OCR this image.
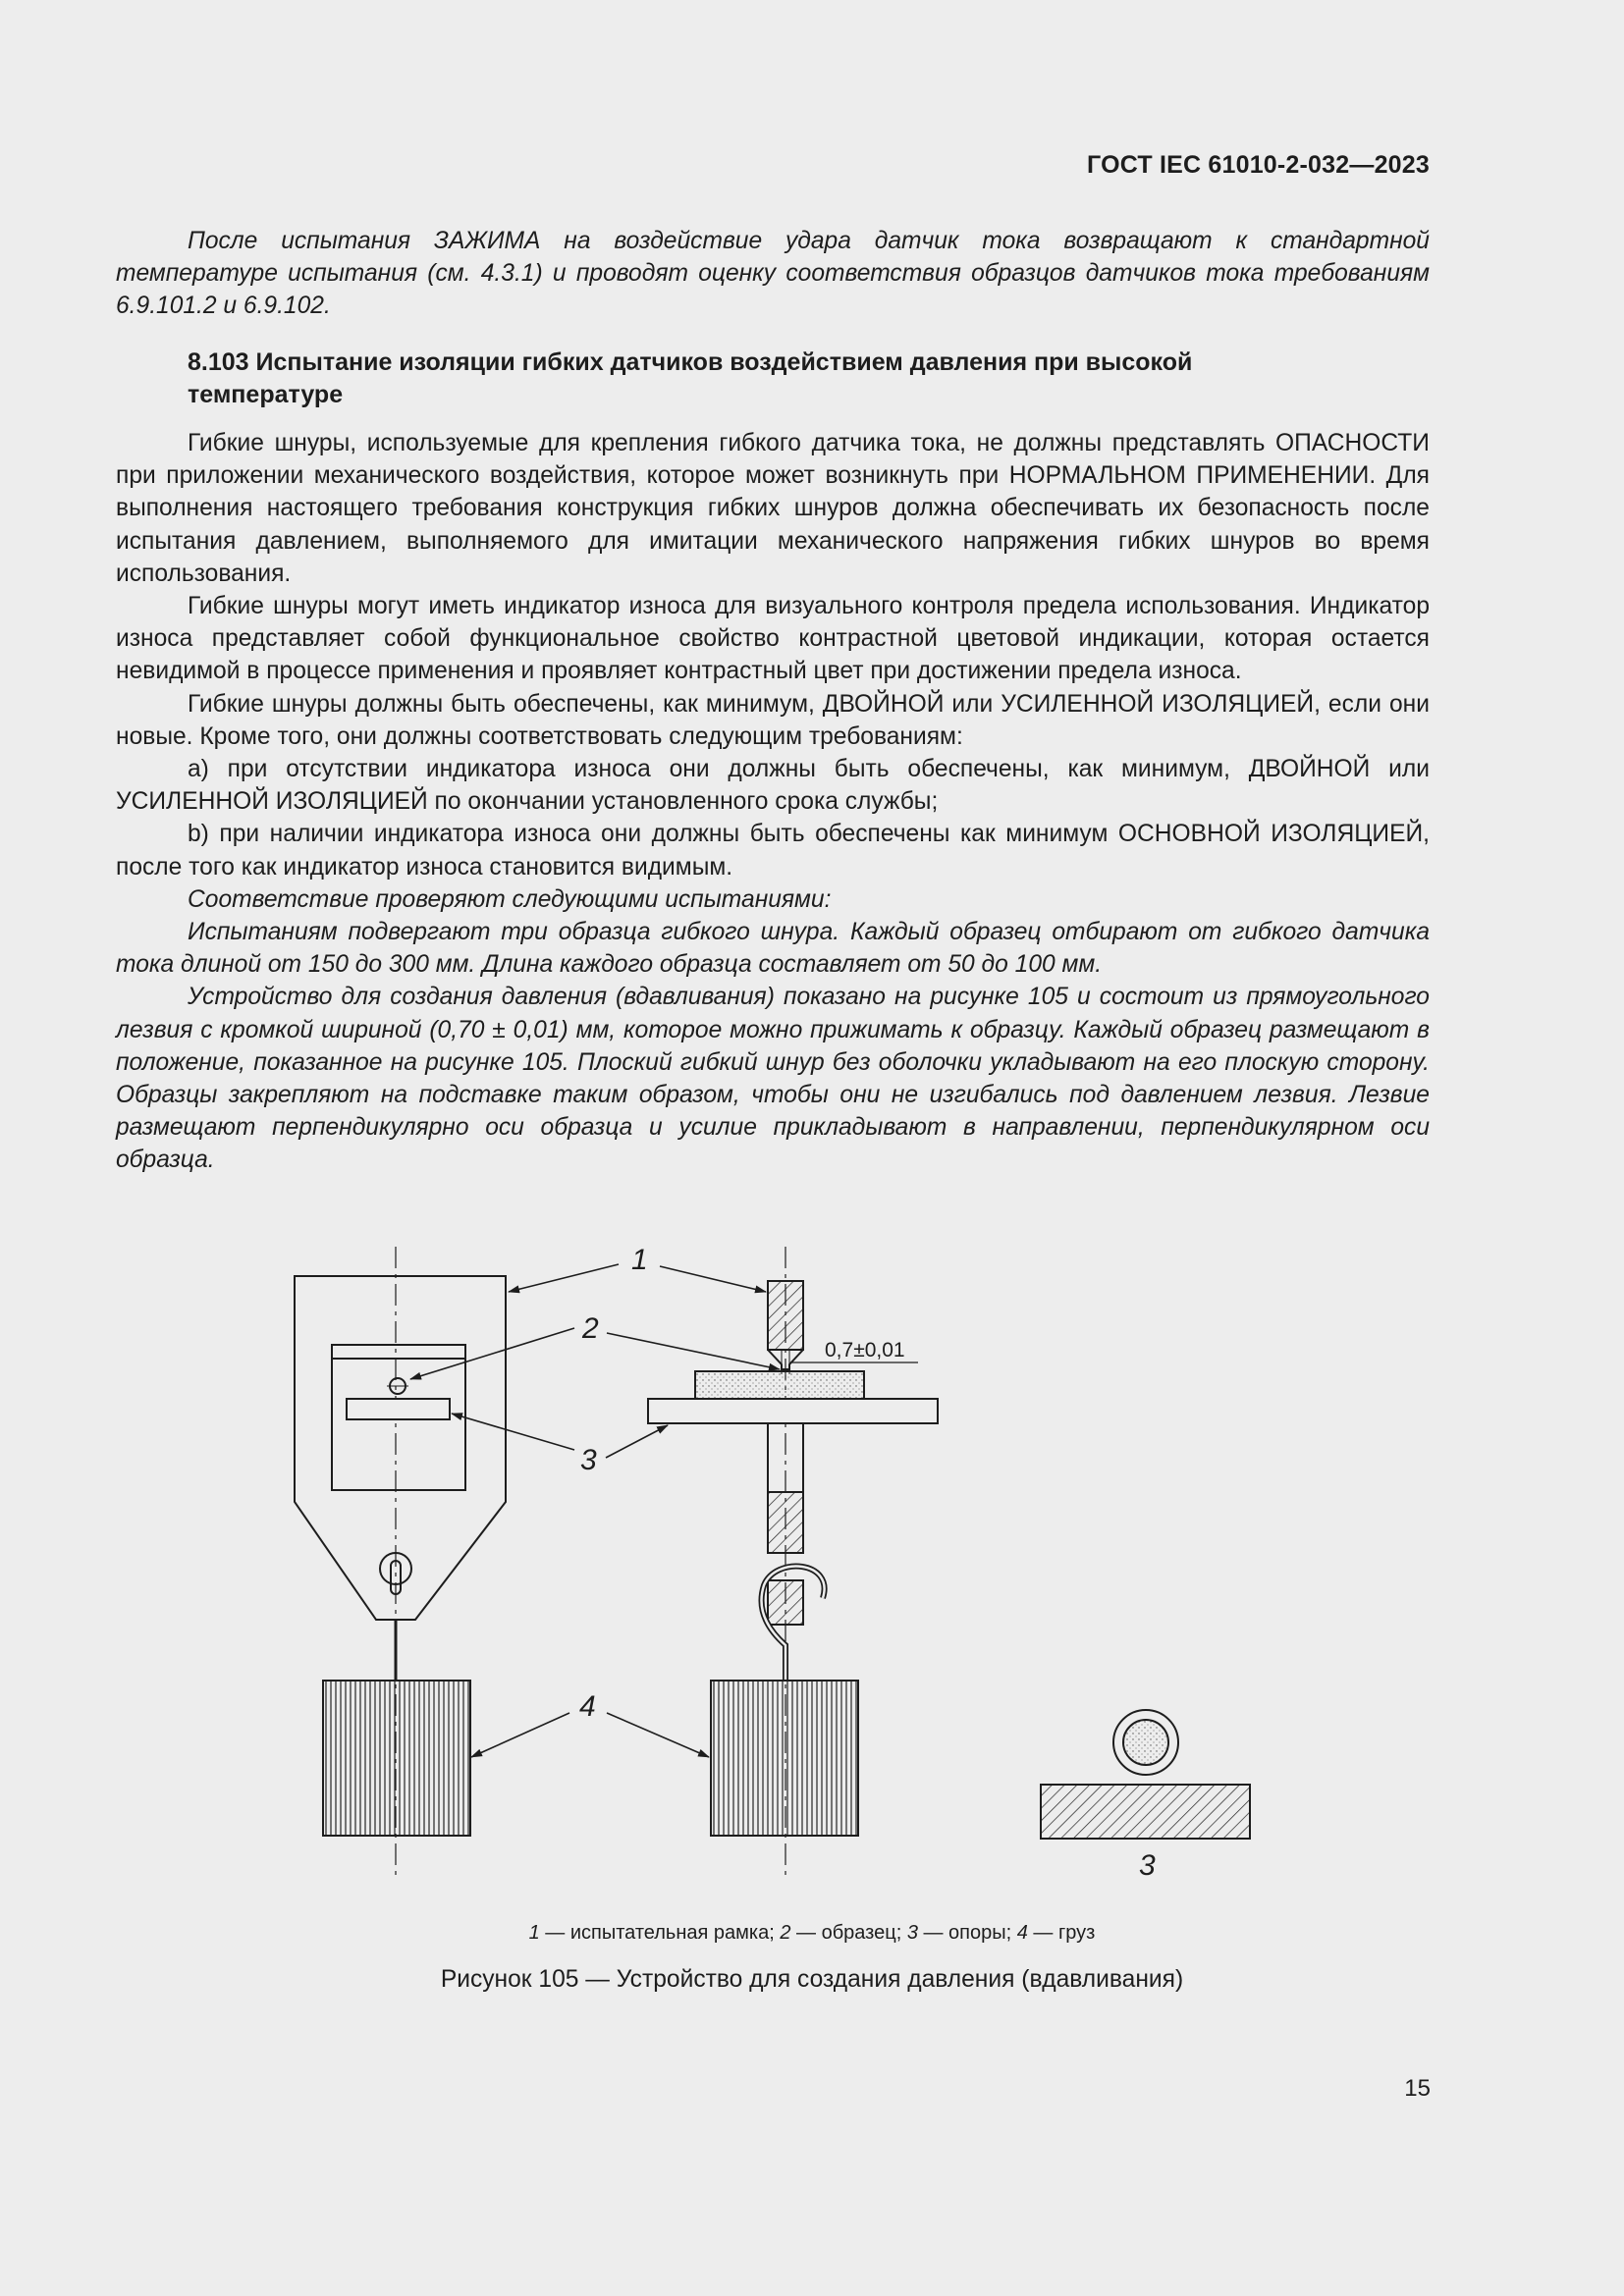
ГОСТ IEC 61010-2-032—2023

После испытания ЗАЖИМА на воздействие удара датчик тока возвращают к стандартной температуре испытания (см. 4.3.1) и проводят оценку соответствия образцов датчиков тока требованиям 6.9.101.2 и 6.9.102.

8.103 Испытание изоляции гибких датчиков воздействием давления при высокой
температуре

Гибкие шнуры, используемые для крепления гибкого датчика тока, не должны представлять ОПАСНОСТИ при приложении механического воздействия, которое может возникнуть при НОРМАЛЬНОМ ПРИМЕНЕНИИ. Для выполнения настоящего требования конструкция гибких шнуров должна обеспечивать их безопасность после испытания давлением, выполняемого для имитации механического напряжения гибких шнуров во время использования.

Гибкие шнуры могут иметь индикатор износа для визуального контроля предела использования. Индикатор износа представляет собой функциональное свойство контрастной цветовой индикации, которая остается невидимой в процессе применения и проявляет контрастный цвет при достижении предела износа.

Гибкие шнуры должны быть обеспечены, как минимум, ДВОЙНОЙ или УСИЛЕННОЙ ИЗОЛЯЦИЕЙ, если они новые. Кроме того, они должны соответствовать следующим требованиям:

a) при отсутствии индикатора износа они должны быть обеспечены, как минимум, ДВОЙНОЙ или УСИЛЕННОЙ ИЗОЛЯЦИЕЙ по окончании установленного срока службы;

b) при наличии индикатора износа они должны быть обеспечены как минимум ОСНОВНОЙ ИЗОЛЯЦИЕЙ, после того как индикатор износа становится видимым.

Соответствие проверяют следующими испытаниями:

Испытаниям подвергают три образца гибкого шнура. Каждый образец отбирают от гибкого датчика тока длиной от 150 до 300 мм. Длина каждого образца составляет от 50 до 100 мм.

Устройство для создания давления (вдавливания) показано на рисунке 105 и состоит из прямоугольного лезвия с кромкой шириной (0,70 ± 0,01) мм, которое можно прижимать к образцу. Каждый образец размещают в положение, показанное на рисунке 105. Плоский гибкий шнур без оболочки укладывают на его плоскую сторону. Образцы закрепляют на подставке таким образом, чтобы они не изгибались под давлением лезвия. Лезвие размещают перпендикулярно оси образца и усилие прикладывают в направлении, перпендикулярном оси образца.

1
2
3
4
3
0,7±0,01
1 — испытательная рамка; 2 — образец; 3 — опоры; 4 — груз
Рисунок 105 — Устройство для создания давления (вдавливания)
15
